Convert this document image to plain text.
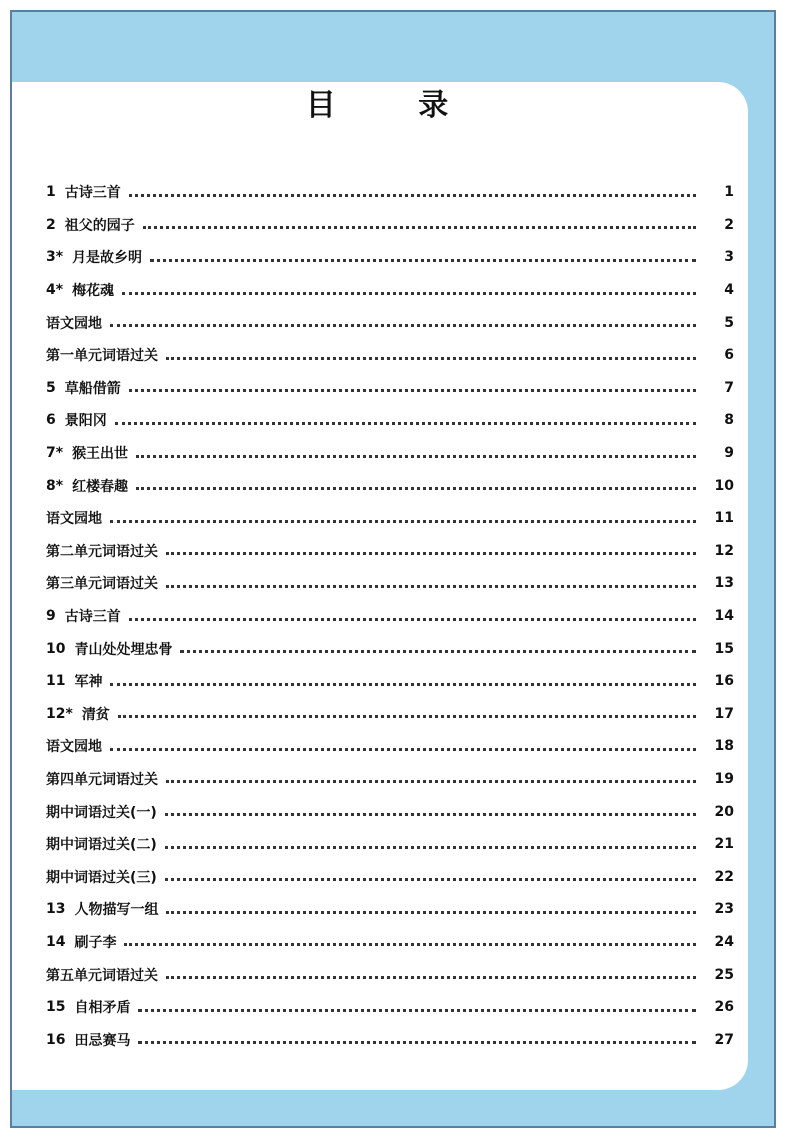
目 录
1 古诗三首	1
2 祖父的园子	2
3* 月是故乡明	3
4* 梅花魂	4
语文园地	5
第一单元词语过关	6
5 草船借箭	7
6 景阳冈	8
7* 猴王出世	9
8* 红楼春趣	10
语文园地	11
第二单元词语过关	12
第三单元词语过关	13
9 古诗三首	14
10 青山处处埋忠骨	15
11 军神	16
12* 清贫	17
语文园地	18
第四单元词语过关	19
期中词语过关(一)	20
期中词语过关(二)	21
期中词语过关(三)	22
13 人物描写一组	23
14 刷子李	24
第五单元词语过关	25
15 自相矛盾	26
16 田忌赛马	27
